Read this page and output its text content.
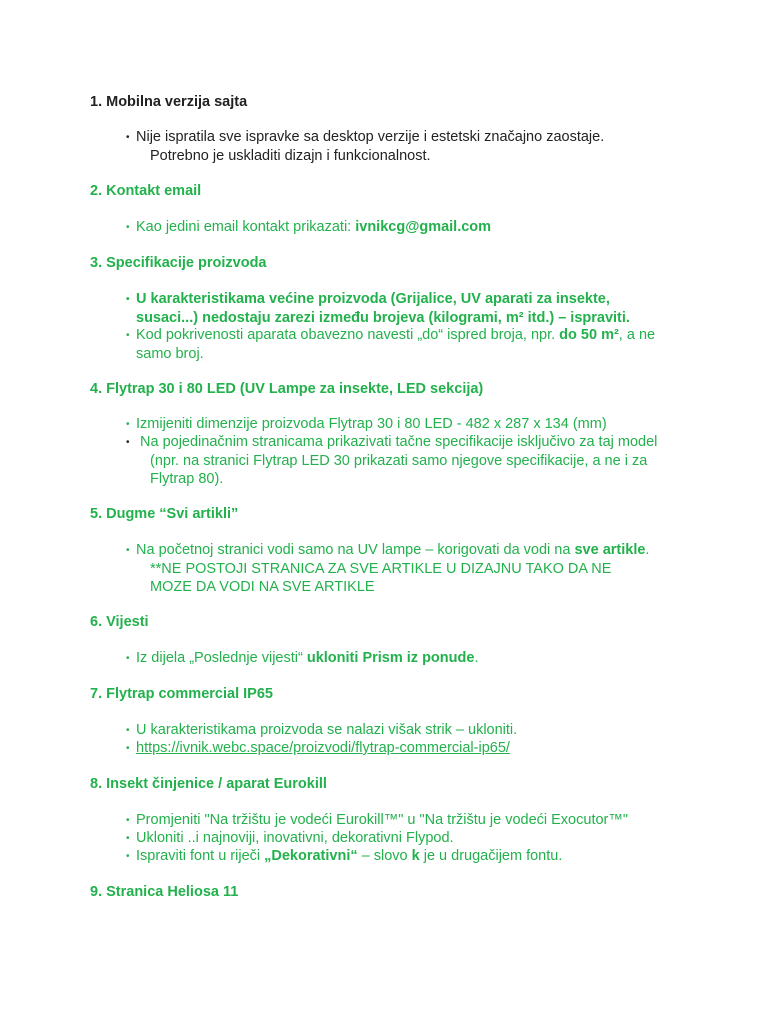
1. Mobilna verzija sajta

• Nije ispratila sve ispravke sa desktop verzije i estetski značajno zaostaje.
Potrebno je uskladiti dizajn i funkcionalnost.

2. Kontakt email

• Kao jedini email kontakt prikazati: ivnikcg@gmail.com

3. Specifikacije proizvoda

• U karakteristikama većine proizvoda (Grijalice, UV aparati za insekte,
susaci...) nedostaju zarezi između brojeva (kilogrami, m² itd.) – ispraviti.

• Kod pokrivenosti aparata obavezno navesti „do“ ispred broja, npr. do 50 m², a ne
samo broj.

4. Flytrap 30 i 80 LED (UV Lampe za insekte, LED sekcija)

• Izmijeniti dimenzije proizvoda Flytrap 30 i 80 LED - 482 x 287 x 134 (mm)

• Na pojedinačnim stranicama prikazivati tačne specifikacije isključivo za taj model
(npr. na stranici Flytrap LED 30 prikazati samo njegove specifikacije, a ne i za
Flytrap 80).

5. Dugme “Svi artikli”

• Na početnoj stranici vodi samo na UV lampe – korigovati da vodi na sve artikle.
**NE POSTOJI STRANICA ZA SVE ARTIKLE U DIZAJNU TAKO DA NE
MOZE DA VODI NA SVE ARTIKLE

6. Vijesti

• Iz dijela „Poslednje vijesti“ ukloniti Prism iz ponude.

7. Flytrap commercial IP65

• U karakteristikama proizvoda se nalazi višak strik – ukloniti.

• https://ivnik.webc.space/proizvodi/flytrap-commercial-ip65/

8. Insekt činjenice / aparat Eurokill

• Promjeniti "Na tržištu je vodeći Eurokill™" u "Na tržištu je vodeći Exocutor™"

• Ukloniti ..i najnoviji, inovativni, dekorativni Flypod.

• Ispraviti font u riječi „Dekorativni“ – slovo k je u drugačijem fontu.

9. Stranica Heliosa 11
